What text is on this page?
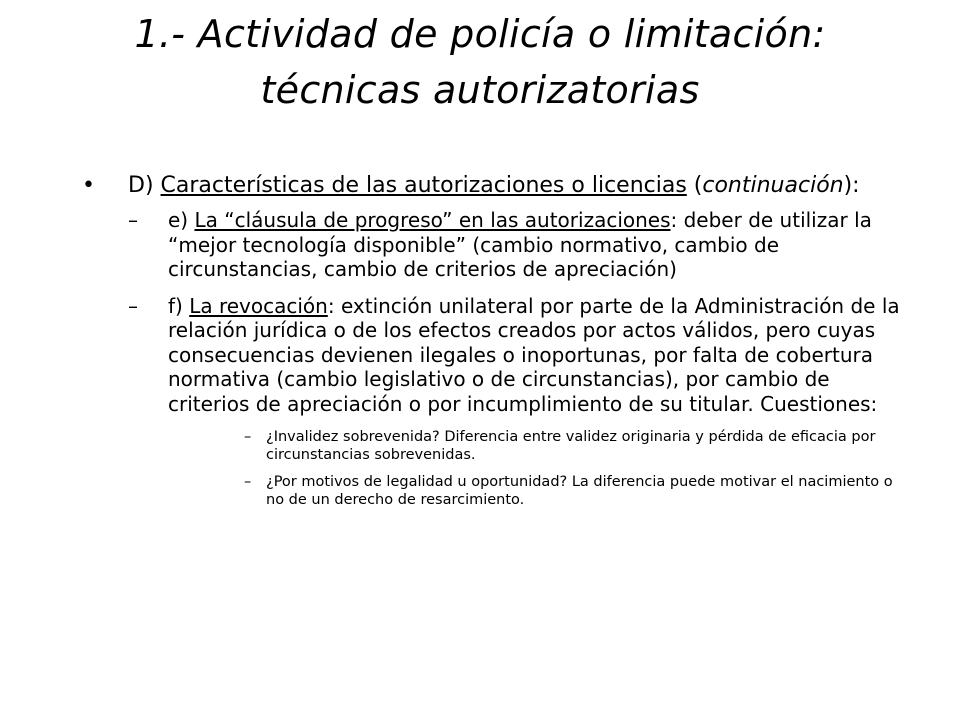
1.- Actividad de policía o limitación:
técnicas autorizatorias
• D) Características de las autorizaciones o licencias (continuación):
– e) La “cláusula de progreso” en las autorizaciones: deber de utilizar la “mejor tecnología disponible” (cambio normativo, cambio de circunstancias, cambio de criterios de apreciación)
– f) La revocación: extinción unilateral por parte de la Administración de la relación jurídica o de los efectos creados por actos válidos, pero cuyas consecuencias devienen ilegales o inoportunas, por falta de cobertura normativa (cambio legislativo o de circunstancias), por cambio de criterios de apreciación o por incumplimiento de su titular. Cuestiones:
– ¿Invalidez sobrevenida? Diferencia entre validez originaria y pérdida de eficacia por circunstancias sobrevenidas.
– ¿Por motivos de legalidad u oportunidad? La diferencia puede motivar el nacimiento o no de un derecho de resarcimiento.
